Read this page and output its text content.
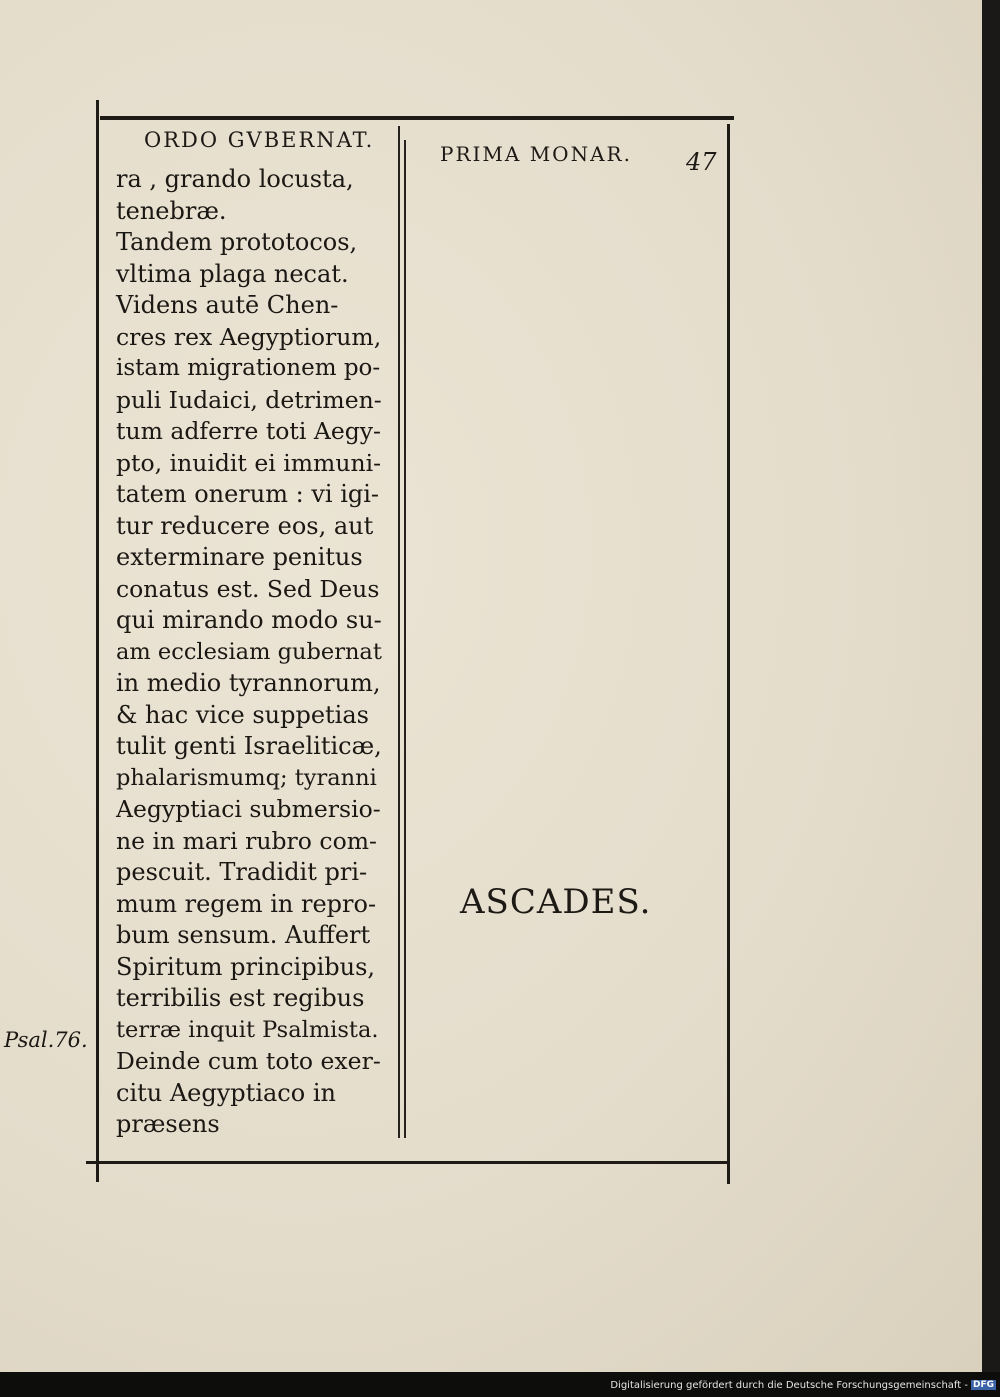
ORDO GVBERNAT.
PRIMA MONAR. 47
ra , grando locusta,
tenebræ.
Tandem prototocos,
vltima plaga necat.
Videns autē Chen-
cres rex Aegyptiorum,
istam migrationem po-
puli Iudaici, detrimen-
tum adferre toti Aegy-
pto, inuidit ei immuni-
tatem onerum : vi igi-
tur reducere eos, aut
exterminare penitus
conatus est. Sed Deus
qui mirando modo su-
am ecclesiam gubernat
in medio tyrannorum,
& hac vice suppetias
tulit genti Israeliticæ,
phalarismumq; tyranni
Aegyptiaci submersio-
ne in mari rubro com-
pescuit. Tradidit pri-
mum regem in repro-
bum sensum. Auffert
Spiritum principibus,
terribilis est regibus
terræ inquit Psalmista.
Deinde cum toto exer-
citu Aegyptiaco in
præsens
Psal.76.
ASCADES.
Digitalisierung gefördert durch die Deutsche Forschungsgemeinschaft - DFG
